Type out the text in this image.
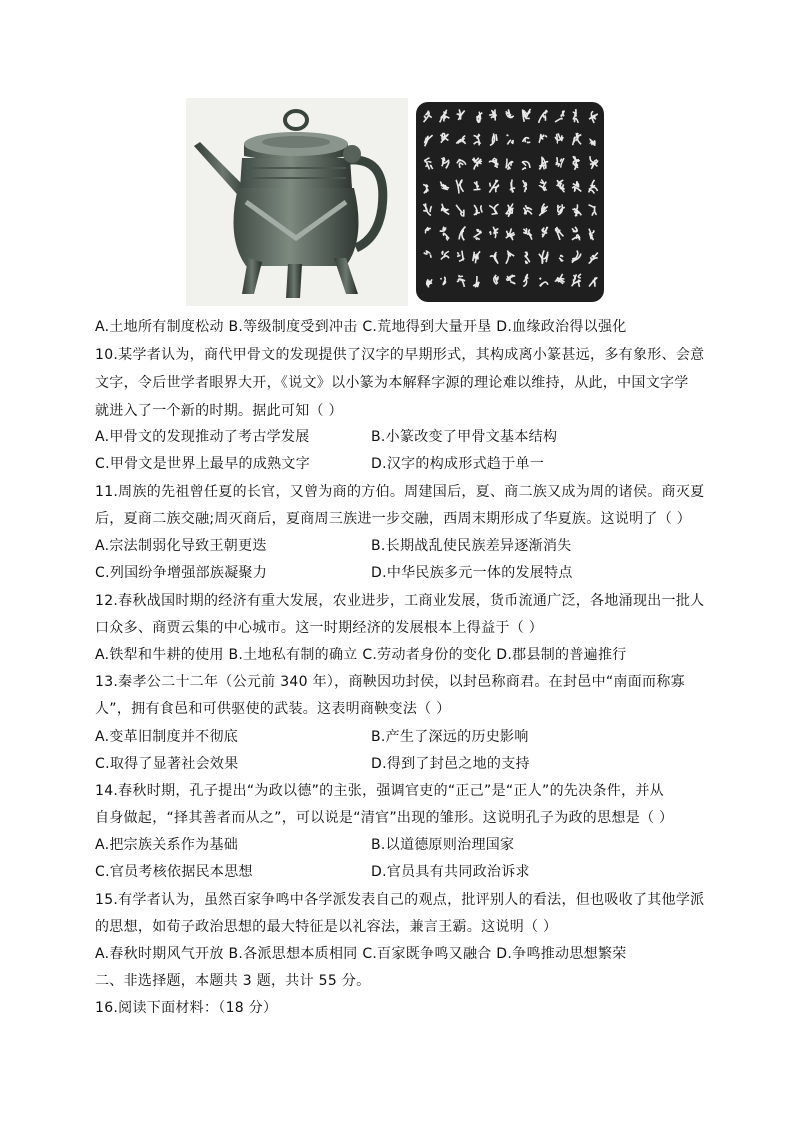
A.土地所有制度松动 B.等级制度受到冲击 C.荒地得到大量开垦 D.血缘政治得以强化
10.某学者认为，商代甲骨文的发现提供了汉字的早期形式，其构成离小篆甚远，多有象形、会意
文字，令后世学者眼界大开，《说文》以小篆为本解释字源的理论难以维持，从此，中国文字学
就进入了一个新的时期。据此可知（ ）
A.甲骨文的发现推动了考古学发展	B.小篆改变了甲骨文基本结构
C.甲骨文是世界上最早的成熟文字	D.汉字的构成形式趋于单一
11.周族的先祖曾任夏的长官，又曾为商的方伯。周建国后，夏、商二族又成为周的诸侯。商灭夏
后，夏商二族交融;周灭商后，夏商周三族进一步交融，西周末期形成了华夏族。这说明了（ ）
A.宗法制弱化导致王朝更迭	B.长期战乱使民族差异逐渐消失
C.列国纷争增强部族凝聚力	D.中华民族多元一体的发展特点
12.春秋战国时期的经济有重大发展，农业进步，工商业发展，货币流通广泛，各地涌现出一批人
口众多、商贾云集的中心城市。这一时期经济的发展根本上得益于（ ）
A.铁犁和牛耕的使用 B.土地私有制的确立 C.劳动者身份的变化 D.郡县制的普遍推行
13.秦孝公二十二年（公元前 340 年），商鞅因功封侯，以封邑称商君。在封邑中“南面而称寡
人”，拥有食邑和可供驱使的武装。这表明商鞅变法（ ）
A.变革旧制度并不彻底	B.产生了深远的历史影响
C.取得了显著社会效果	D.得到了封邑之地的支持
14.春秋时期，孔子提出“为政以德”的主张，强调官吏的“正己”是“正人”的先决条件，并从
自身做起，“择其善者而从之”，可以说是“清官”出现的雏形。这说明孔子为政的思想是（ ）
A.把宗族关系作为基础	B.以道德原则治理国家
C.官员考核依据民本思想	D.官员具有共同政治诉求
15.有学者认为，虽然百家争鸣中各学派发表自己的观点，批评别人的看法，但也吸收了其他学派
的思想，如荀子政治思想的最大特征是以礼容法，兼言王霸。这说明（ ）
A.春秋时期风气开放 B.各派思想本质相同 C.百家既争鸣又融合 D.争鸣推动思想繁荣
二、非选择题，本题共 3 题，共计 55 分。
16.阅读下面材料：（18 分）
